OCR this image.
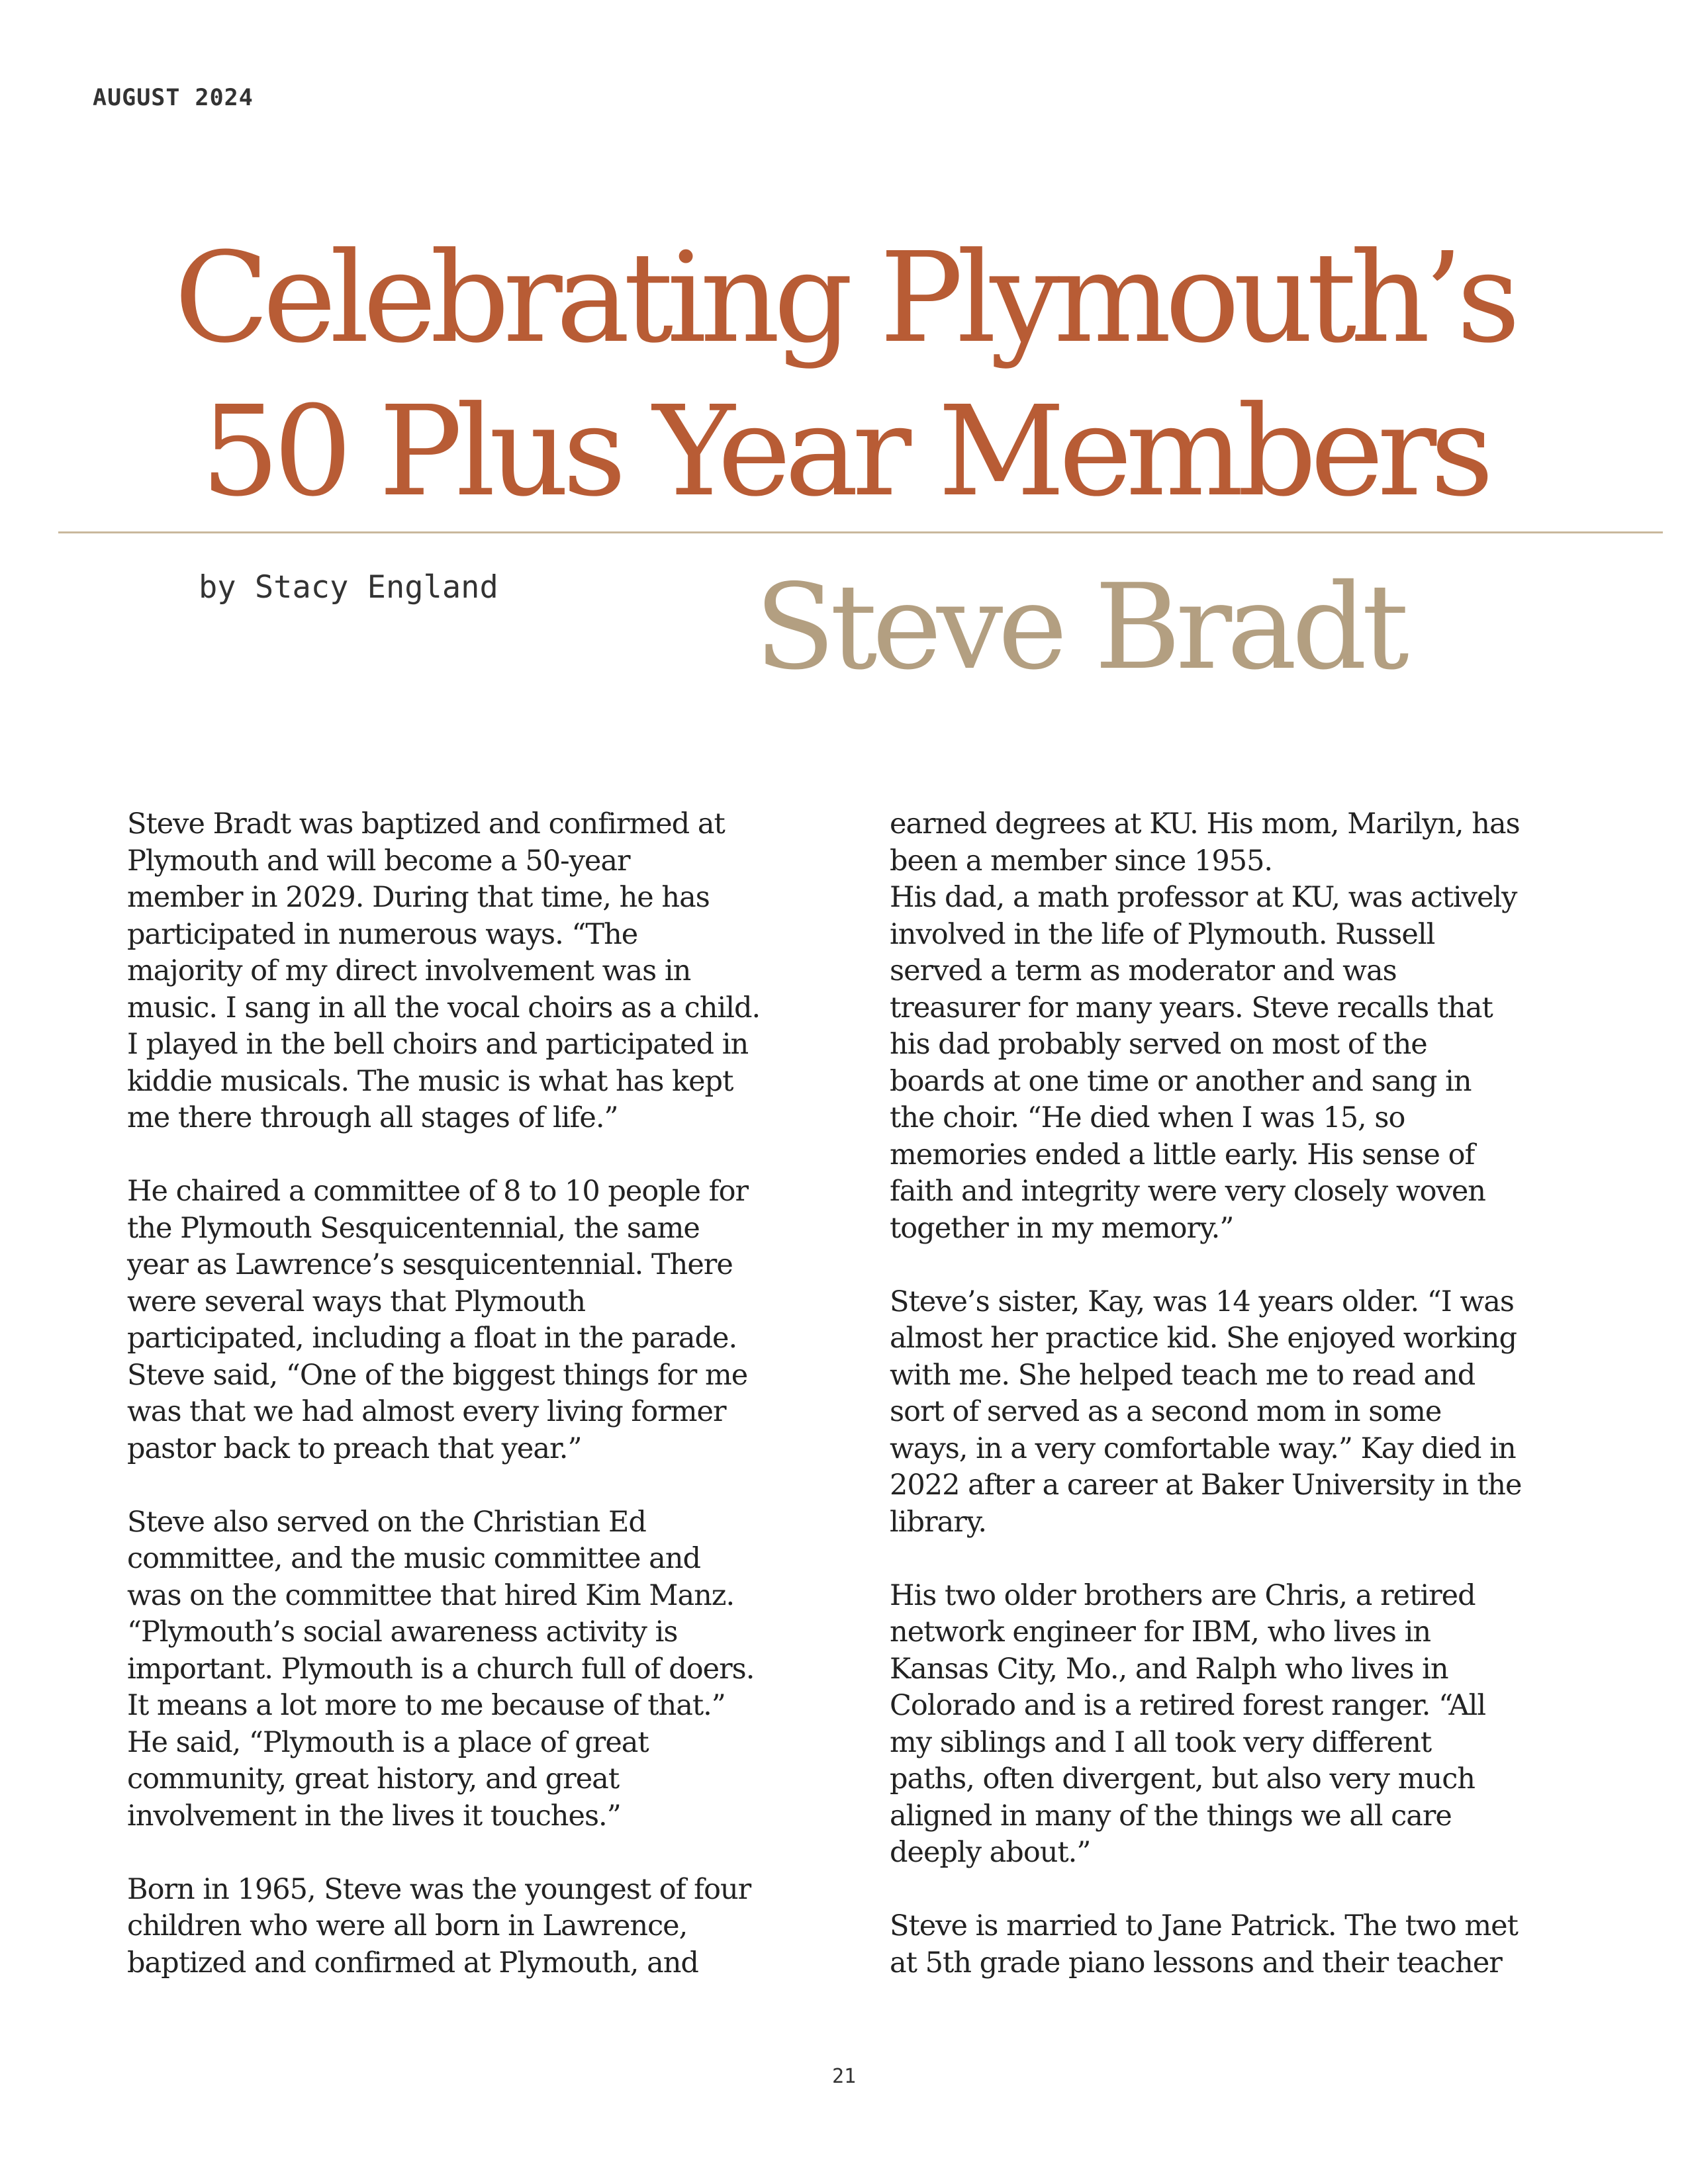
AUGUST 2024
Celebrating Plymouth’s
50 Plus Year Members
by Stacy England Steve Bradt

Steve Bradt was baptized and confirmed at
Plymouth and will become a 50-year
member in 2029. During that time, he has
participated in numerous ways. “The
majority of my direct involvement was in
music. I sang in all the vocal choirs as a child.
I played in the bell choirs and participated in
kiddie musicals. The music is what has kept
me there through all stages of life.”

He chaired a committee of 8 to 10 people for
the Plymouth Sesquicentennial, the same
year as Lawrence’s sesquicentennial. There
were several ways that Plymouth
participated, including a float in the parade.
Steve said, “One of the biggest things for me
was that we had almost every living former
pastor back to preach that year.”

Steve also served on the Christian Ed
committee, and the music committee and
was on the committee that hired Kim Manz.
“Plymouth’s social awareness activity is
important. Plymouth is a church full of doers.
It means a lot more to me because of that.”
He said, “Plymouth is a place of great
community, great history, and great
involvement in the lives it touches.”

Born in 1965, Steve was the youngest of four
children who were all born in Lawrence,
baptized and confirmed at Plymouth, and

earned degrees at KU. His mom, Marilyn, has
been a member since 1955.

His dad, a math professor at KU, was actively
involved in the life of Plymouth. Russell
served a term as moderator and was
treasurer for many years. Steve recalls that
his dad probably served on most of the
boards at one time or another and sang in
the choir. “He died when I was 15, so
memories ended a little early. His sense of
faith and integrity were very closely woven
together in my memory.”

Steve’s sister, Kay, was 14 years older. “I was
almost her practice kid. She enjoyed working
with me. She helped teach me to read and
sort of served as a second mom in some
ways, in a very comfortable way.” Kay died in
2022 after a career at Baker University in the
library.

His two older brothers are Chris, a retired
network engineer for IBM, who lives in
Kansas City, Mo., and Ralph who lives in
Colorado and is a retired forest ranger. “All
my siblings and I all took very different
paths, often divergent, but also very much
aligned in many of the things we all care
deeply about.”

Steve is married to Jane Patrick. The two met
at 5th grade piano lessons and their teacher

21
